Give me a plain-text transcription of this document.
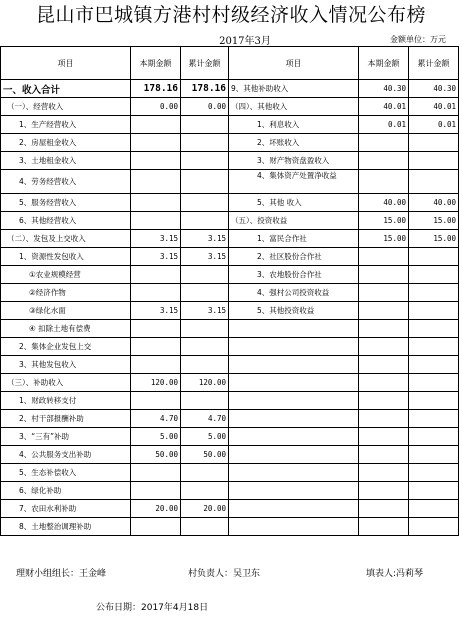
昆山市巴城镇方港村村级经济收入情况公布榜
2017年3月	金额单位：万元
项目	本期金额	累计金额	项目	本期金额	累计金额
一、收入合计	178.16	178.16	9、其他补助收入	40.30	40.30
（一）、经营收入	0.00	0.00	（四）、其他收入	40.01	40.01
1、生产经营收入			1、利息收入	0.01	0.01
2、房屋租金收入			2、坏账收入		
3、土地租金收入			3、财产物资盘盈收入		
4、劳务经营收入			4、集体资产处置净收益		
5、服务经营收入			5、其他 收入	40.00	40.00
6、其他经营收入			（五）、投资收益	15.00	15.00
（二）、发包及上交收入	3.15	3.15	1、富民合作社	15.00	15.00
1、资源性发包收入	3.15	3.15	2、社区股份合作社		
①农业规模经营			3、农地股份合作社		
②经济作物			4、强村公司投资收益		
③绿化水面	3.15	3.15	5、其他投资收益		
④ 扣除土地有偿费					
2、集体企业发包上交					
3、其他发包收入					
（三）、补助收入	120.00	120.00			
1、财政转移支付					
2、村干部报酬补助	4.70	4.70			
3、“三有”补助	5.00	5.00			
4、公共服务支出补助	50.00	50.00			
5、生态补偿收入					
6、绿化补助					
7、农田水利补助	20.00	20.00			
8、土地整治调理补助					
理财小组组长：王金峰	村负责人：吴卫东	填表人:冯莉琴
公布日期：2017年4月18日
